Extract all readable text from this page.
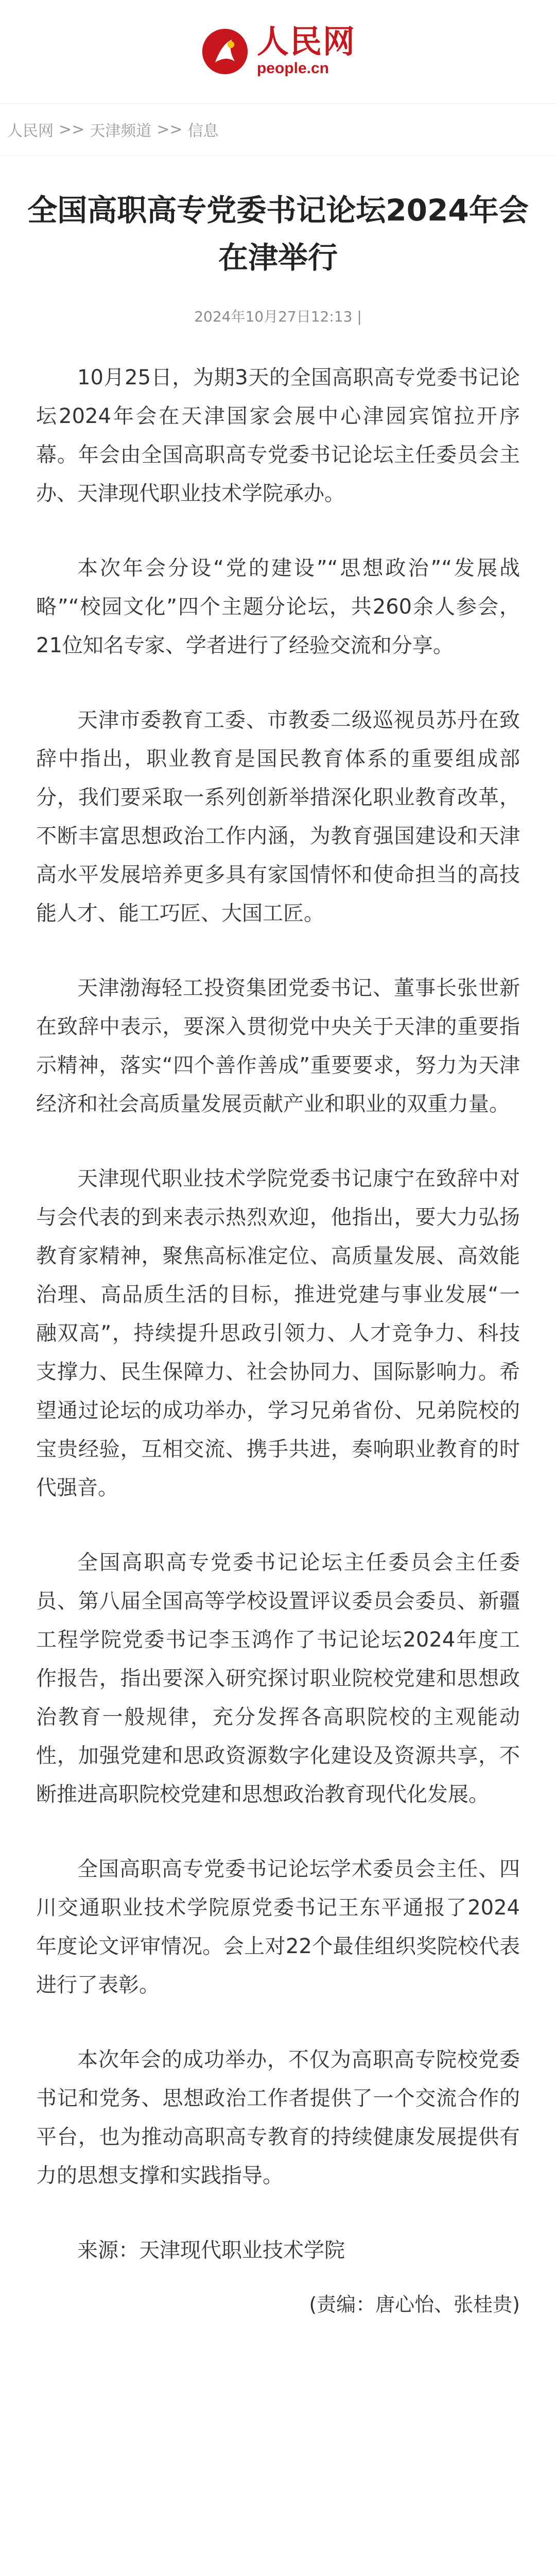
人民网
people.cn
人民网 >> 天津频道 >> 信息
全国高职高专党委书记论坛2024年会在津举行
2024年10月27日12:13 |

10月25日，为期3天的全国高职高专党委书记论坛2024年会在天津国家会展中心津园宾馆拉开序幕。年会由全国高职高专党委书记论坛主任委员会主办、天津现代职业技术学院承办。

本次年会分设“党的建设”“思想政治”“发展战略”“校园文化”四个主题分论坛，共260余人参会，21位知名专家、学者进行了经验交流和分享。

天津市委教育工委、市教委二级巡视员苏丹在致辞中指出，职业教育是国民教育体系的重要组成部分，我们要采取一系列创新举措深化职业教育改革，不断丰富思想政治工作内涵，为教育强国建设和天津高水平发展培养更多具有家国情怀和使命担当的高技能人才、能工巧匠、大国工匠。

天津渤海轻工投资集团党委书记、董事长张世新在致辞中表示，要深入贯彻党中央关于天津的重要指示精神，落实“四个善作善成”重要要求，努力为天津经济和社会高质量发展贡献产业和职业的双重力量。

天津现代职业技术学院党委书记康宁在致辞中对与会代表的到来表示热烈欢迎，他指出，要大力弘扬教育家精神，聚焦高标准定位、高质量发展、高效能治理、高品质生活的目标，推进党建与事业发展“一融双高”，持续提升思政引领力、人才竞争力、科技支撑力、民生保障力、社会协同力、国际影响力。希望通过论坛的成功举办，学习兄弟省份、兄弟院校的宝贵经验，互相交流、携手共进，奏响职业教育的时代强音。

全国高职高专党委书记论坛主任委员会主任委员、第八届全国高等学校设置评议委员会委员、新疆工程学院党委书记李玉鸿作了书记论坛2024年度工作报告，指出要深入研究探讨职业院校党建和思想政治教育一般规律，充分发挥各高职院校的主观能动性，加强党建和思政资源数字化建设及资源共享，不断推进高职院校党建和思想政治教育现代化发展。

全国高职高专党委书记论坛学术委员会主任、四川交通职业技术学院原党委书记王东平通报了2024年度论文评审情况。会上对22个最佳组织奖院校代表进行了表彰。

本次年会的成功举办，不仅为高职高专院校党委书记和党务、思想政治工作者提供了一个交流合作的平台，也为推动高职高专教育的持续健康发展提供有力的思想支撑和实践指导。

来源：天津现代职业技术学院

(责编：唐心怡、张桂贵)
